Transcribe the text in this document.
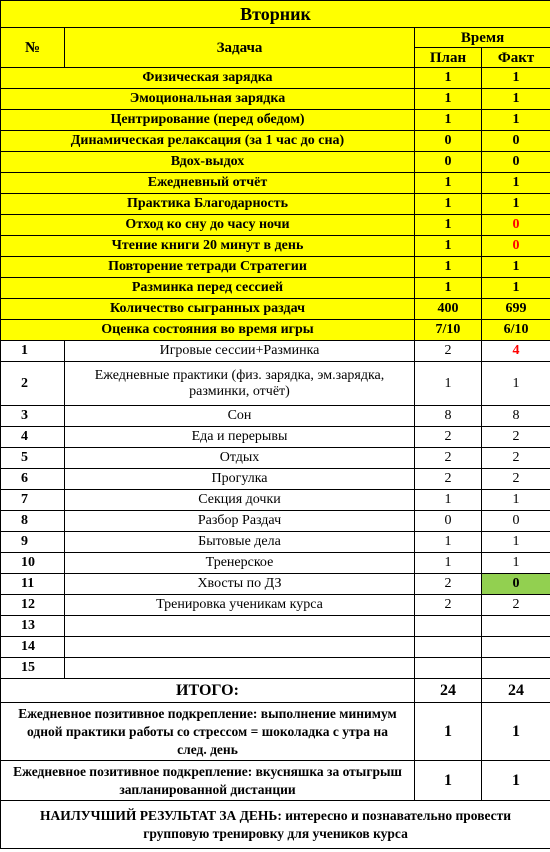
Вторник			
№	Задача	Время	
		План	Факт
Физическая зарядка		1	1
Эмоциональная зарядка		1	1
Центрирование (перед обедом)		1	1
Динамическая релаксация (за 1 час до сна)		0	0
Вдох-выдох		0	0
Ежедневный отчёт		1	1
Практика Благодарность		1	1
Отход ко сну до часу ночи		1	0
Чтение книги 20 минут в день		1	0
Повторение тетради Стратегии		1	1
Разминка перед сессией		1	1
Количество сыгранных раздач		400	699
Оценка состояния во время игры		7/10	6/10
1	Игровые сессии+Разминка	2	4
2	Ежедневные практики (физ. зарядка, эм.зарядка, разминки, отчёт)	1	1
3	Сон	8	8
4	Еда и перерывы	2	2
5	Отдых	2	2
6	Прогулка	2	2
7	Секция дочки	1	1
8	Разбор Раздач	0	0
9	Бытовые дела	1	1
10	Тренерское	1	1
11	Хвосты по ДЗ	2	0
12	Тренировка ученикам курса	2	2
13			
14			
15			
ИТОГО:		24	24
Ежедневное позитивное подкрепление: выполнение минимум одной практики работы со стрессом = шоколадка с утра на след. день		1	1
Ежедневное позитивное подкрепление: вкусняшка за отыгрыш запланированной дистанции		1	1
НАИЛУЧШИЙ РЕЗУЛЬТАТ ЗА ДЕНЬ: интересно и познавательно провести групповую тренировку для учеников курса			
